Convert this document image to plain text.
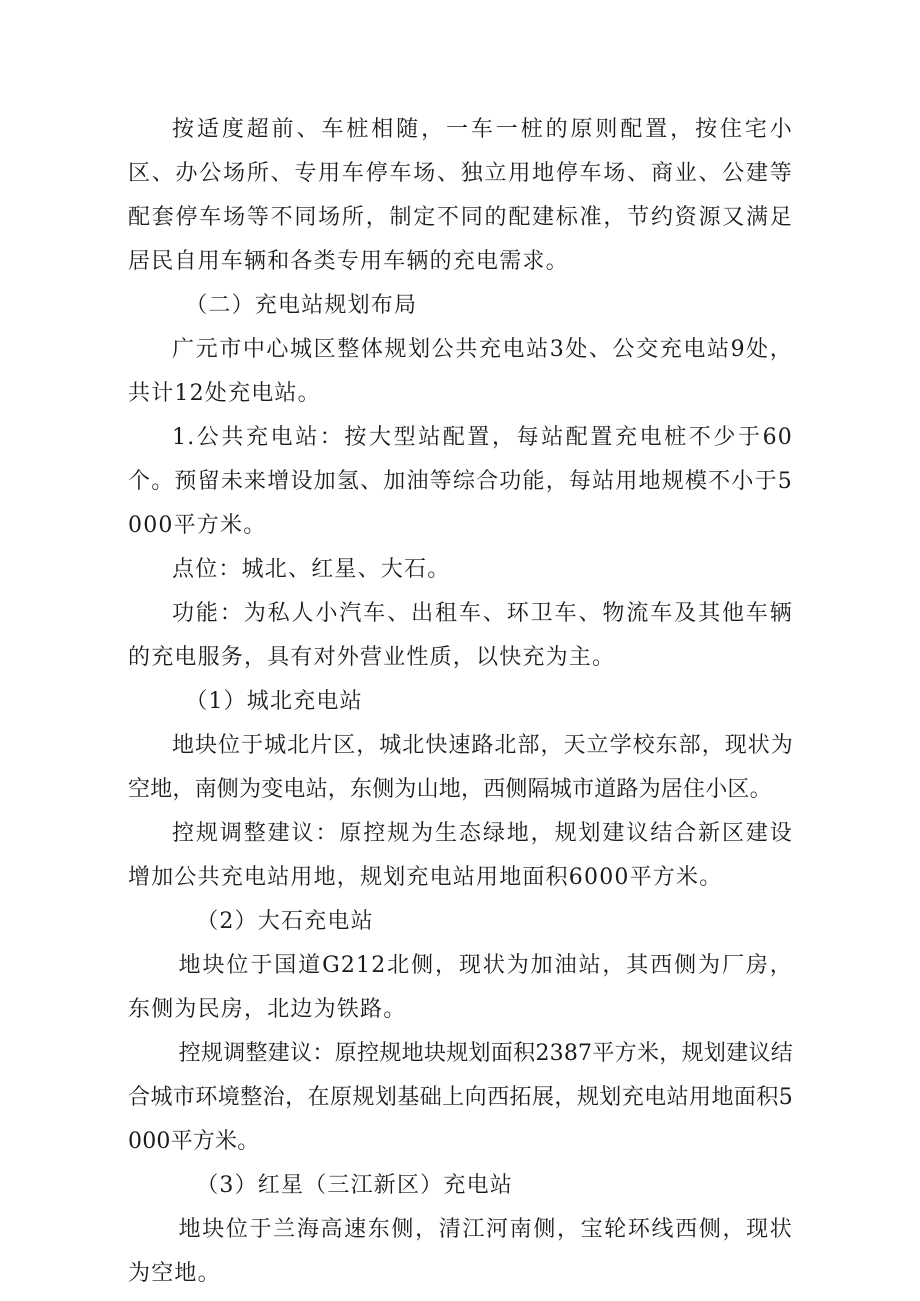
按适度超前、车桩相随，一车一桩的原则配置，按住宅小区、办公场所、专用车停车场、独立用地停车场、商业、公建等配套停车场等不同场所，制定不同的配建标准，节约资源又满足居民自用车辆和各类专用车辆的充电需求。

（二）充电站规划布局

广元市中心城区整体规划公共充电站3处、公交充电站9处，共计12处充电站。

1.公共充电站：按大型站配置，每站配置充电桩不少于60个。预留未来增设加氢、加油等综合功能，每站用地规模不小于5000平方米。

点位：城北、红星、大石。

功能：为私人小汽车、出租车、环卫车、物流车及其他车辆的充电服务，具有对外营业性质，以快充为主。

（1）城北充电站

地块位于城北片区，城北快速路北部，天立学校东部，现状为空地，南侧为变电站，东侧为山地，西侧隔城市道路为居住小区。

控规调整建议：原控规为生态绿地，规划建议结合新区建设增加公共充电站用地，规划充电站用地面积6000平方米。

（2）大石充电站

地块位于国道G212北侧，现状为加油站，其西侧为厂房，东侧为民房，北边为铁路。

控规调整建议：原控规地块规划面积2387平方米，规划建议结合城市环境整治，在原规划基础上向西拓展，规划充电站用地面积5000平方米。

（3）红星（三江新区）充电站

地块位于兰海高速东侧，清江河南侧，宝轮环线西侧，现状为空地。
